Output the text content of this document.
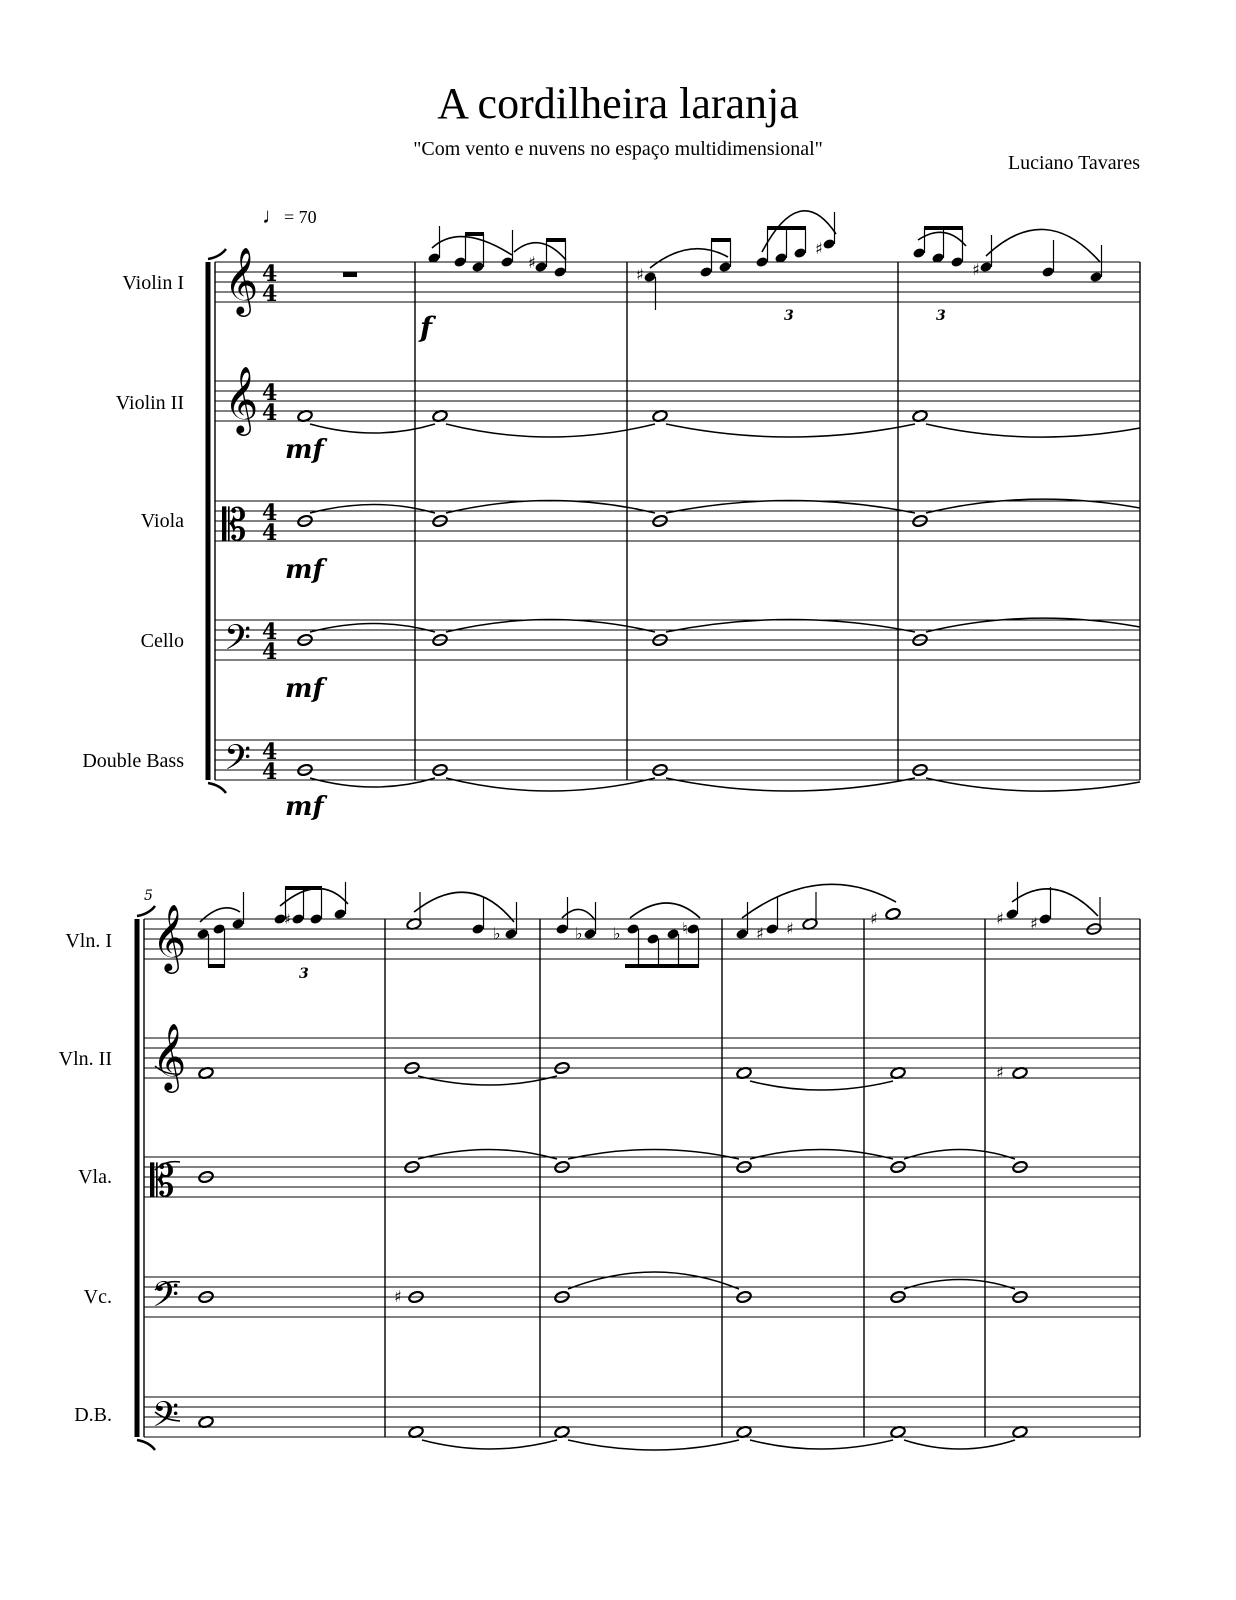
A cordilheira laranja
"Com vento e nuvens no espaço multidimensional"
Luciano Tavares
♩= 70
Violin I
Violin II
Viola
Cello
Double Bass
Vln. I
Vln. II
Vla.
Vc.
D.B.
𝄞
𝄞
𝄡
𝄢
𝄢
4
4
4
4
4
4
4
4
4
4
♯
f
♯
♯
3	3
♯
mf
mf
mf
mf
5
𝄞
𝄞
𝄡
𝄢
𝄢
♯
3
♭	♭ ♭	♮	♯ ♯
♯	♯ ♯
♯
♯
